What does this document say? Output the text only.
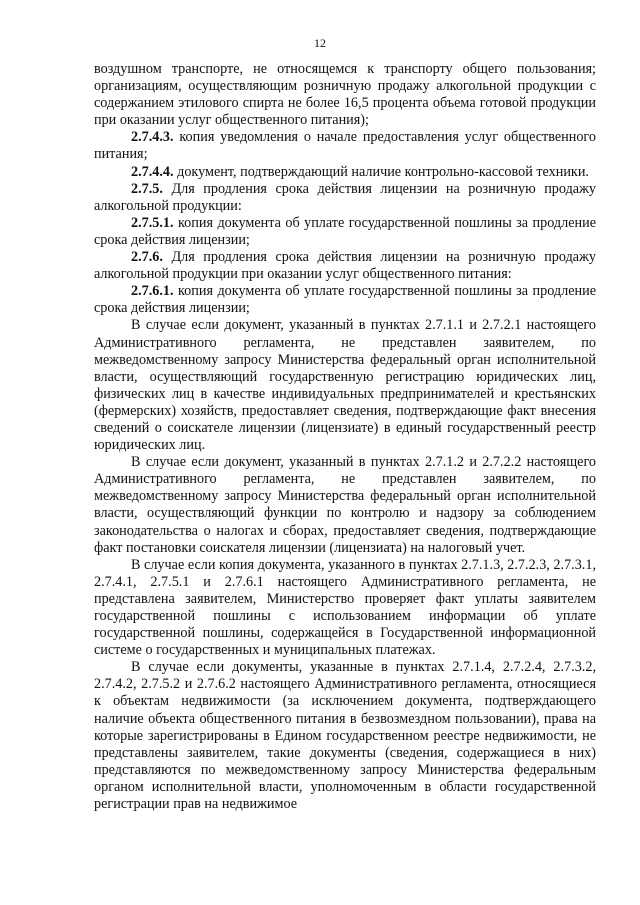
12

воздушном транспорте, не относящемся к транспорту общего пользования; организациям, осуществляющим розничную продажу алкогольной продукции с содержанием этилового спирта не более 16,5 процента объема готовой продукции при оказании услуг общественного питания);

2.7.4.3. копия уведомления о начале предоставления услуг общественного питания;

2.7.4.4. документ, подтверждающий наличие контрольно-кассовой техники.

2.7.5. Для продления срока действия лицензии на розничную продажу алкогольной продукции:

2.7.5.1. копия документа об уплате государственной пошлины за продление срока действия лицензии;

2.7.6. Для продления срока действия лицензии на розничную продажу алкогольной продукции при оказании услуг общественного питания:

2.7.6.1. копия документа об уплате государственной пошлины за продление срока действия лицензии;

В случае если документ, указанный в пунктах 2.7.1.1 и 2.7.2.1 настоящего Административного регламента, не представлен заявителем, по межведомственному запросу Министерства федеральный орган исполнительной власти, осуществляющий государственную регистрацию юридических лиц, физических лиц в качестве индивидуальных предпринимателей и крестьянских (фермерских) хозяйств, предоставляет сведения, подтверждающие факт внесения сведений о соискателе лицензии (лицензиате) в единый государственный реестр юридических лиц.

В случае если документ, указанный в пунктах 2.7.1.2 и 2.7.2.2 настоящего Административного регламента, не представлен заявителем, по межведомственному запросу Министерства федеральный орган исполнительной власти, осуществляющий функции по контролю и надзору за соблюдением законодательства о налогах и сборах, предоставляет сведения, подтверждающие факт постановки соискателя лицензии (лицензиата) на налоговый учет.

В случае если копия документа, указанного в пунктах 2.7.1.3, 2.7.2.3, 2.7.3.1, 2.7.4.1, 2.7.5.1 и 2.7.6.1 настоящего Административного регламента, не представлена заявителем, Министерство проверяет факт уплаты заявителем государственной пошлины с использованием информации об уплате государственной пошлины, содержащейся в Государственной информационной системе о государственных и муниципальных платежах.

В случае если документы, указанные в пунктах 2.7.1.4, 2.7.2.4, 2.7.3.2, 2.7.4.2, 2.7.5.2 и 2.7.6.2 настоящего Административного регламента, относящиеся к объектам недвижимости (за исключением документа, подтверждающего наличие объекта общественного питания в безвозмездном пользовании), права на которые зарегистрированы в Едином государственном реестре недвижимости, не представлены заявителем, такие документы (сведения, содержащиеся в них) представляются по межведомственному запросу Министерства федеральным органом исполнительной власти, уполномоченным в области государственной регистрации прав на недвижимое
